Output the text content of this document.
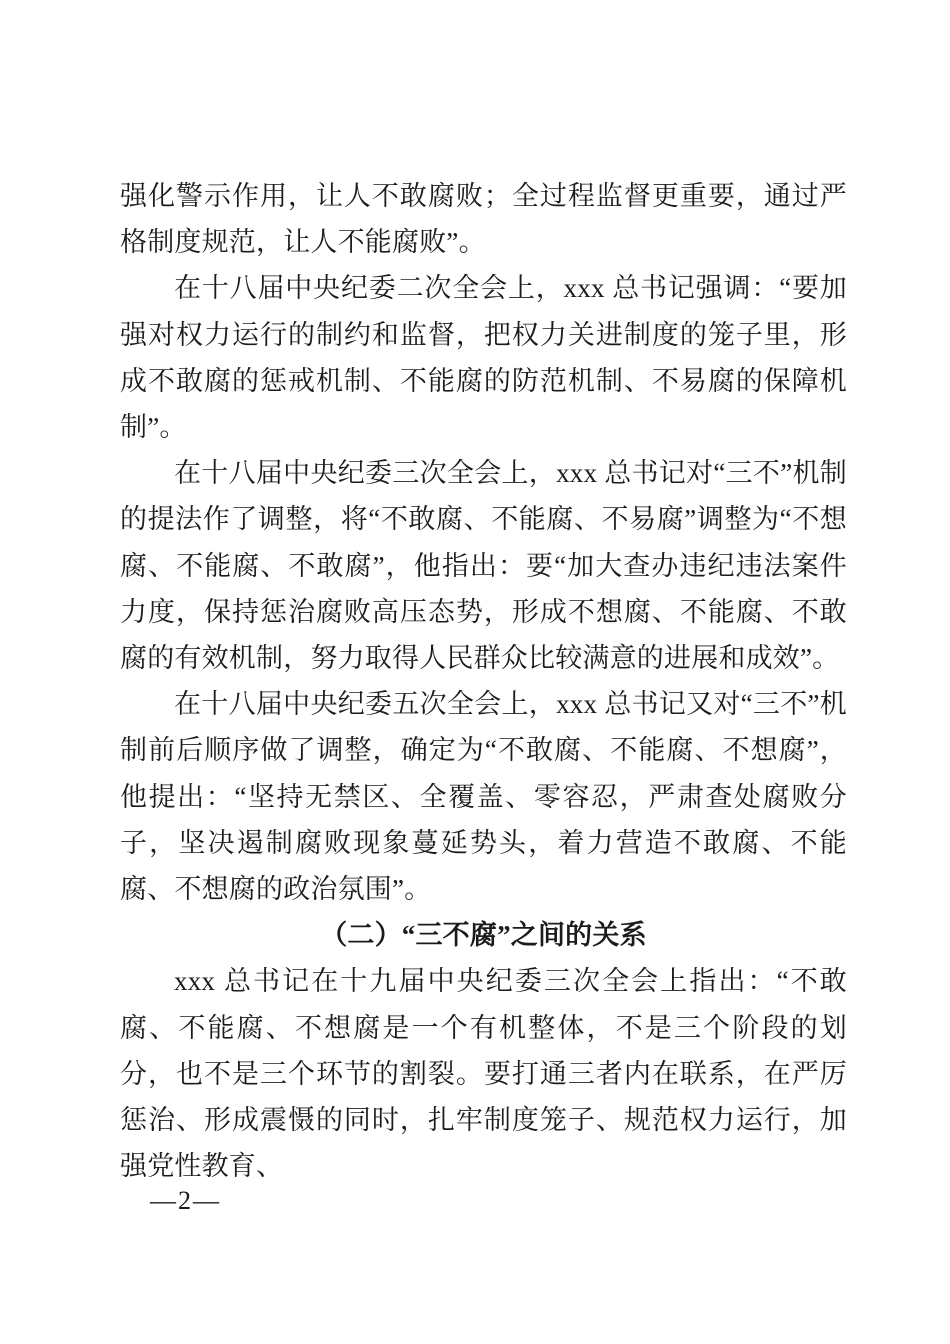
强化警示作用，让人不敢腐败；全过程监督更重要，通过严格制度规范，让人不能腐败”。

在十八届中央纪委二次全会上，xxx 总书记强调：“要加强对权力运行的制约和监督，把权力关进制度的笼子里，形成不敢腐的惩戒机制、不能腐的防范机制、不易腐的保障机制”。

在十八届中央纪委三次全会上，xxx 总书记对“三不”机制的提法作了调整，将“不敢腐、不能腐、不易腐”调整为“不想腐、不能腐、不敢腐”，他指出：要“加大查办违纪违法案件力度，保持惩治腐败高压态势，形成不想腐、不能腐、不敢腐的有效机制，努力取得人民群众比较满意的进展和成效”。

在十八届中央纪委五次全会上，xxx 总书记又对“三不”机制前后顺序做了调整，确定为“不敢腐、不能腐、不想腐”，他提出：“坚持无禁区、全覆盖、零容忍，严肃查处腐败分子，坚决遏制腐败现象蔓延势头，着力营造不敢腐、不能腐、不想腐的政治氛围”。

（二）“三不腐”之间的关系

xxx 总书记在十九届中央纪委三次全会上指出：“不敢腐、不能腐、不想腐是一个有机整体，不是三个阶段的划分，也不是三个环节的割裂。要打通三者内在联系，在严厉惩治、形成震慑的同时，扎牢制度笼子、规范权力运行，加强党性教育、

—2—
